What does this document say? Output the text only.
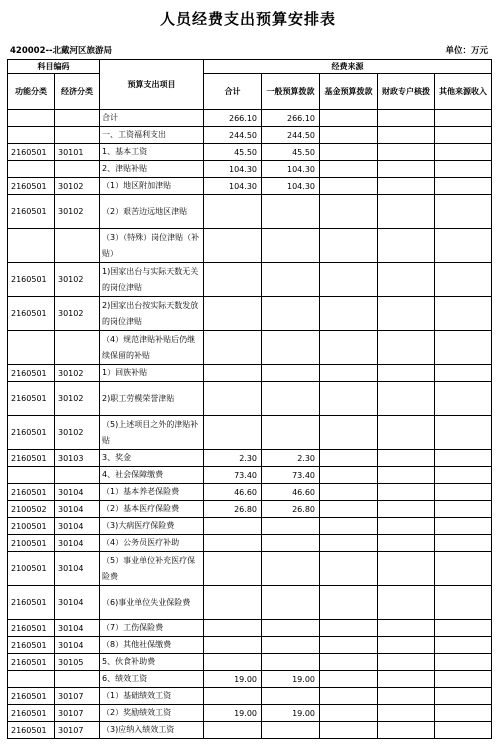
人员经费支出预算安排表
420002--北戴河区旅游局	单位：万元
科目编码		预算支出项目	经费来源				
功能分类	经济分类		合计	一般预算拨款	基金预算拨款	财政专户核拨	其他来源收入

		合计	266.10	266.10			
		一、工资福利支出	244.50	244.50			
2160501	30101	1、基本工资	45.50	45.50			
		2、津贴补贴	104.30	104.30			
2160501	30102	（1）地区附加津贴	104.30	104.30			
2160501	30102	（2）艰苦边远地区津贴					
		（3）（特殊）岗位津贴（补贴）					
2160501	30102	1)国家出台与实际天数无关的岗位津贴					
2160501	30102	2)国家出台按实际天数发放的岗位津贴					
		（4）规范津贴补贴后仍继续保留的补贴					
2160501	30102	1）回族补贴					
2160501	30102	2)职工劳模荣誉津贴					
2160501	30102	（5)上述项目之外的津贴补贴					
2160501	30103	3、奖金	2.30	2.30			
		4、社会保障缴费	73.40	73.40			
2160501	30104	（1）基本养老保险费	46.60	46.60			
2100502	30104	（2）基本医疗保险费	26.80	26.80			
2100501	30104	（3)大病医疗保险费					
2100501	30104	（4）公务员医疗补助					
2100501	30104	（5）事业单位补充医疗保险费					
2160501	30104	（6)事业单位失业保险费					
2160501	30104	（7）工伤保险费					
2160501	30104	（8）其他社保缴费					
2160501	30105	5、伙食补助费					
		6、绩效工资	19.00	19.00			
2160501	30107	（1）基础绩效工资					
2160501	30107	（2）奖励绩效工资	19.00	19.00			
2160501	30107	（3)应纳入绩效工资					
